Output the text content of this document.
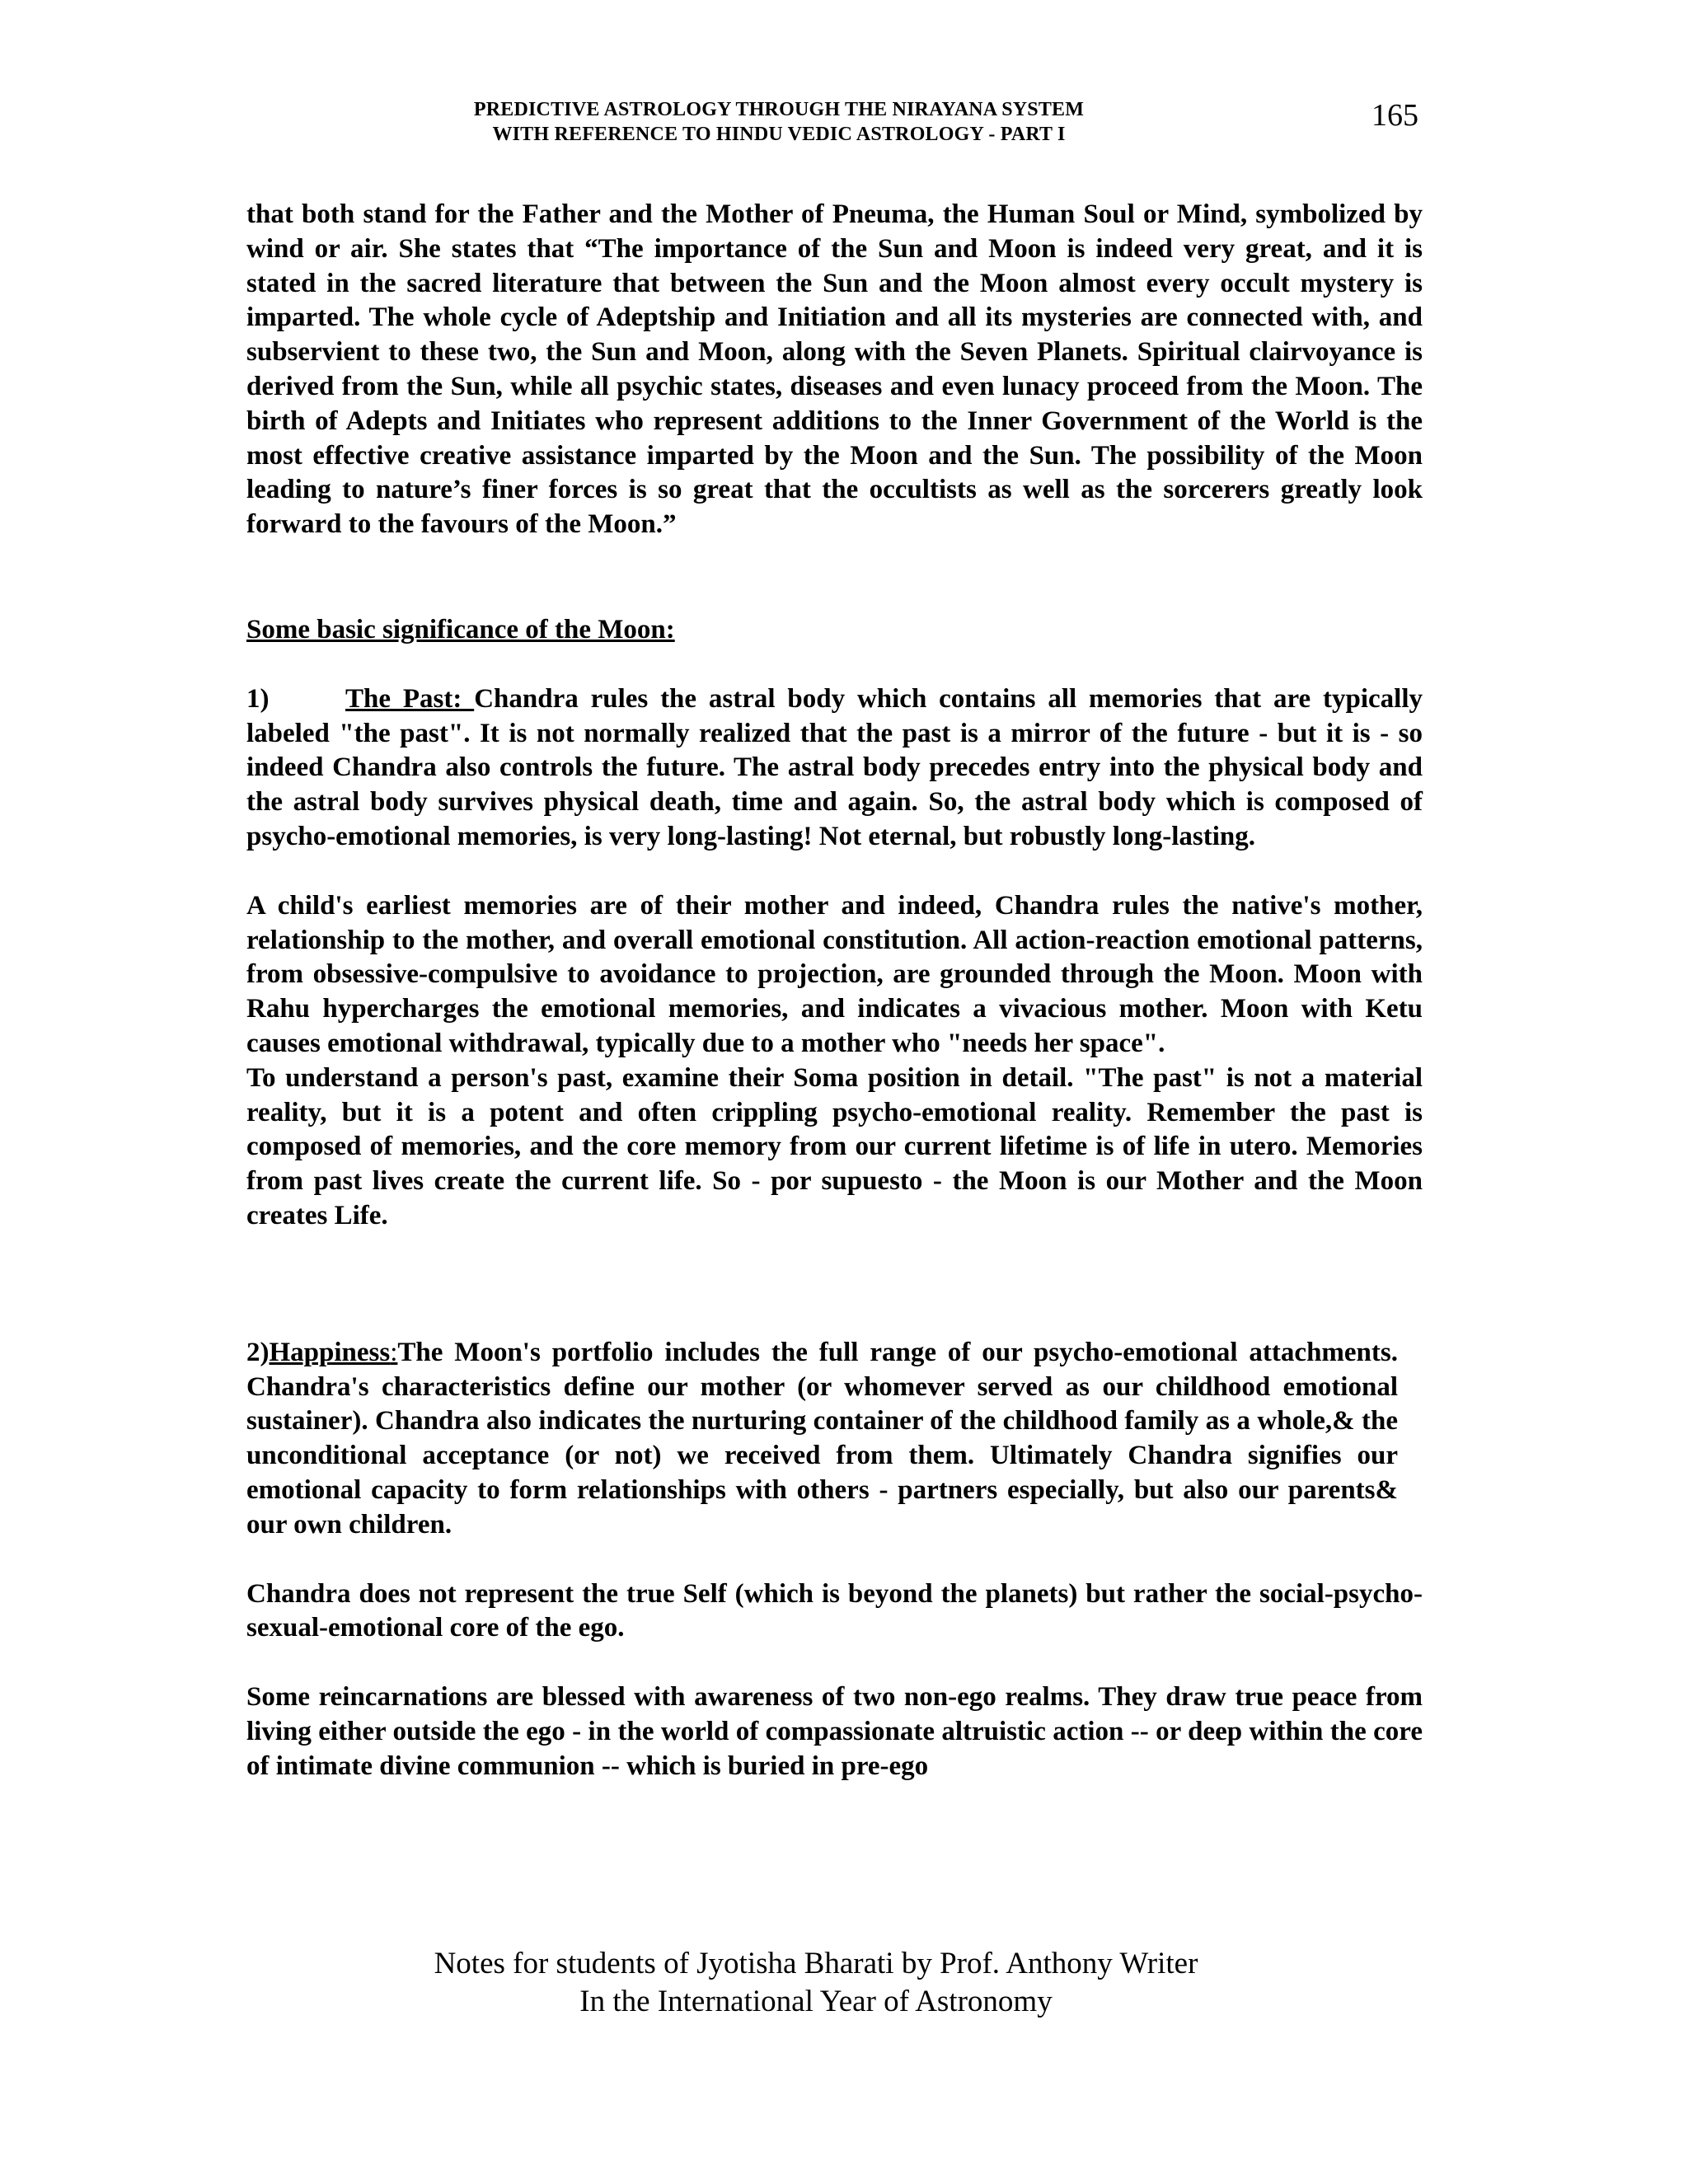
PREDICTIVE ASTROLOGY THROUGH THE NIRAYANA SYSTEM
WITH REFERENCE TO HINDU VEDIC ASTROLOGY - PART I
165

that both stand for the Father and the Mother of Pneuma, the Human Soul or Mind, symbolized by wind or air. She states that “The importance of the Sun and Moon is indeed very great, and it is stated in the sacred literature that between the Sun and the Moon almost every occult mystery is imparted. The whole cycle of Adeptship and Initiation and all its mysteries are connected with, and subservient to these two, the Sun and Moon, along with the Seven Planets. Spiritual clairvoyance is derived from the Sun, while all psychic states, diseases and even lunacy proceed from the Moon. The birth of Adepts and Initiates who represent additions to the Inner Government of the World is the most effective creative assistance imparted by the Moon and the Sun. The possibility of the Moon leading to nature’s finer forces is so great that the occultists as well as the sorcerers greatly look forward to the favours of the Moon.”

Some basic significance of the Moon:

1)	The Past: Chandra rules the astral body which contains all memories that are typically labeled "the past". It is not normally realized that the past is a mirror of the future - but it is - so indeed Chandra also controls the future. The astral body precedes entry into the physical body and the astral body survives physical death, time and again. So, the astral body which is composed of psycho-emotional memories, is very long-lasting! Not eternal, but robustly long-lasting.

A child's earliest memories are of their mother and indeed, Chandra rules the native's mother, relationship to the mother, and overall emotional constitution. All action-reaction emotional patterns, from obsessive-compulsive to avoidance to projection, are grounded through the Moon. Moon with Rahu hypercharges the emotional memories, and indicates a vivacious mother. Moon with Ketu causes emotional withdrawal, typically due to a mother who "needs her space".

To understand a person's past, examine their Soma position in detail. "The past" is not a material reality, but it is a potent and often crippling psycho-emotional reality. Remember the past is composed of memories, and the core memory from our current lifetime is of life in utero. Memories from past lives create the current life. So - por supuesto - the Moon is our Mother and the Moon creates Life.

2)Happiness:The Moon's portfolio includes the full range of our psycho-emotional attachments. Chandra's characteristics define our mother (or whomever served as our childhood emotional sustainer). Chandra also indicates the nurturing container of the childhood family as a whole,& the unconditional acceptance (or not) we received from them. Ultimately Chandra signifies our emotional capacity to form relationships with others - partners especially, but also our parents& our own children.

Chandra does not represent the true Self (which is beyond the planets) but rather the social-psycho-sexual-emotional core of the ego.

Some reincarnations are blessed with awareness of two non-ego realms. They draw true peace from living either outside the ego - in the world of compassionate altruistic action -- or deep within the core of intimate divine communion -- which is buried in pre-ego

Notes for students of Jyotisha Bharati by Prof. Anthony Writer
In the International Year of Astronomy
